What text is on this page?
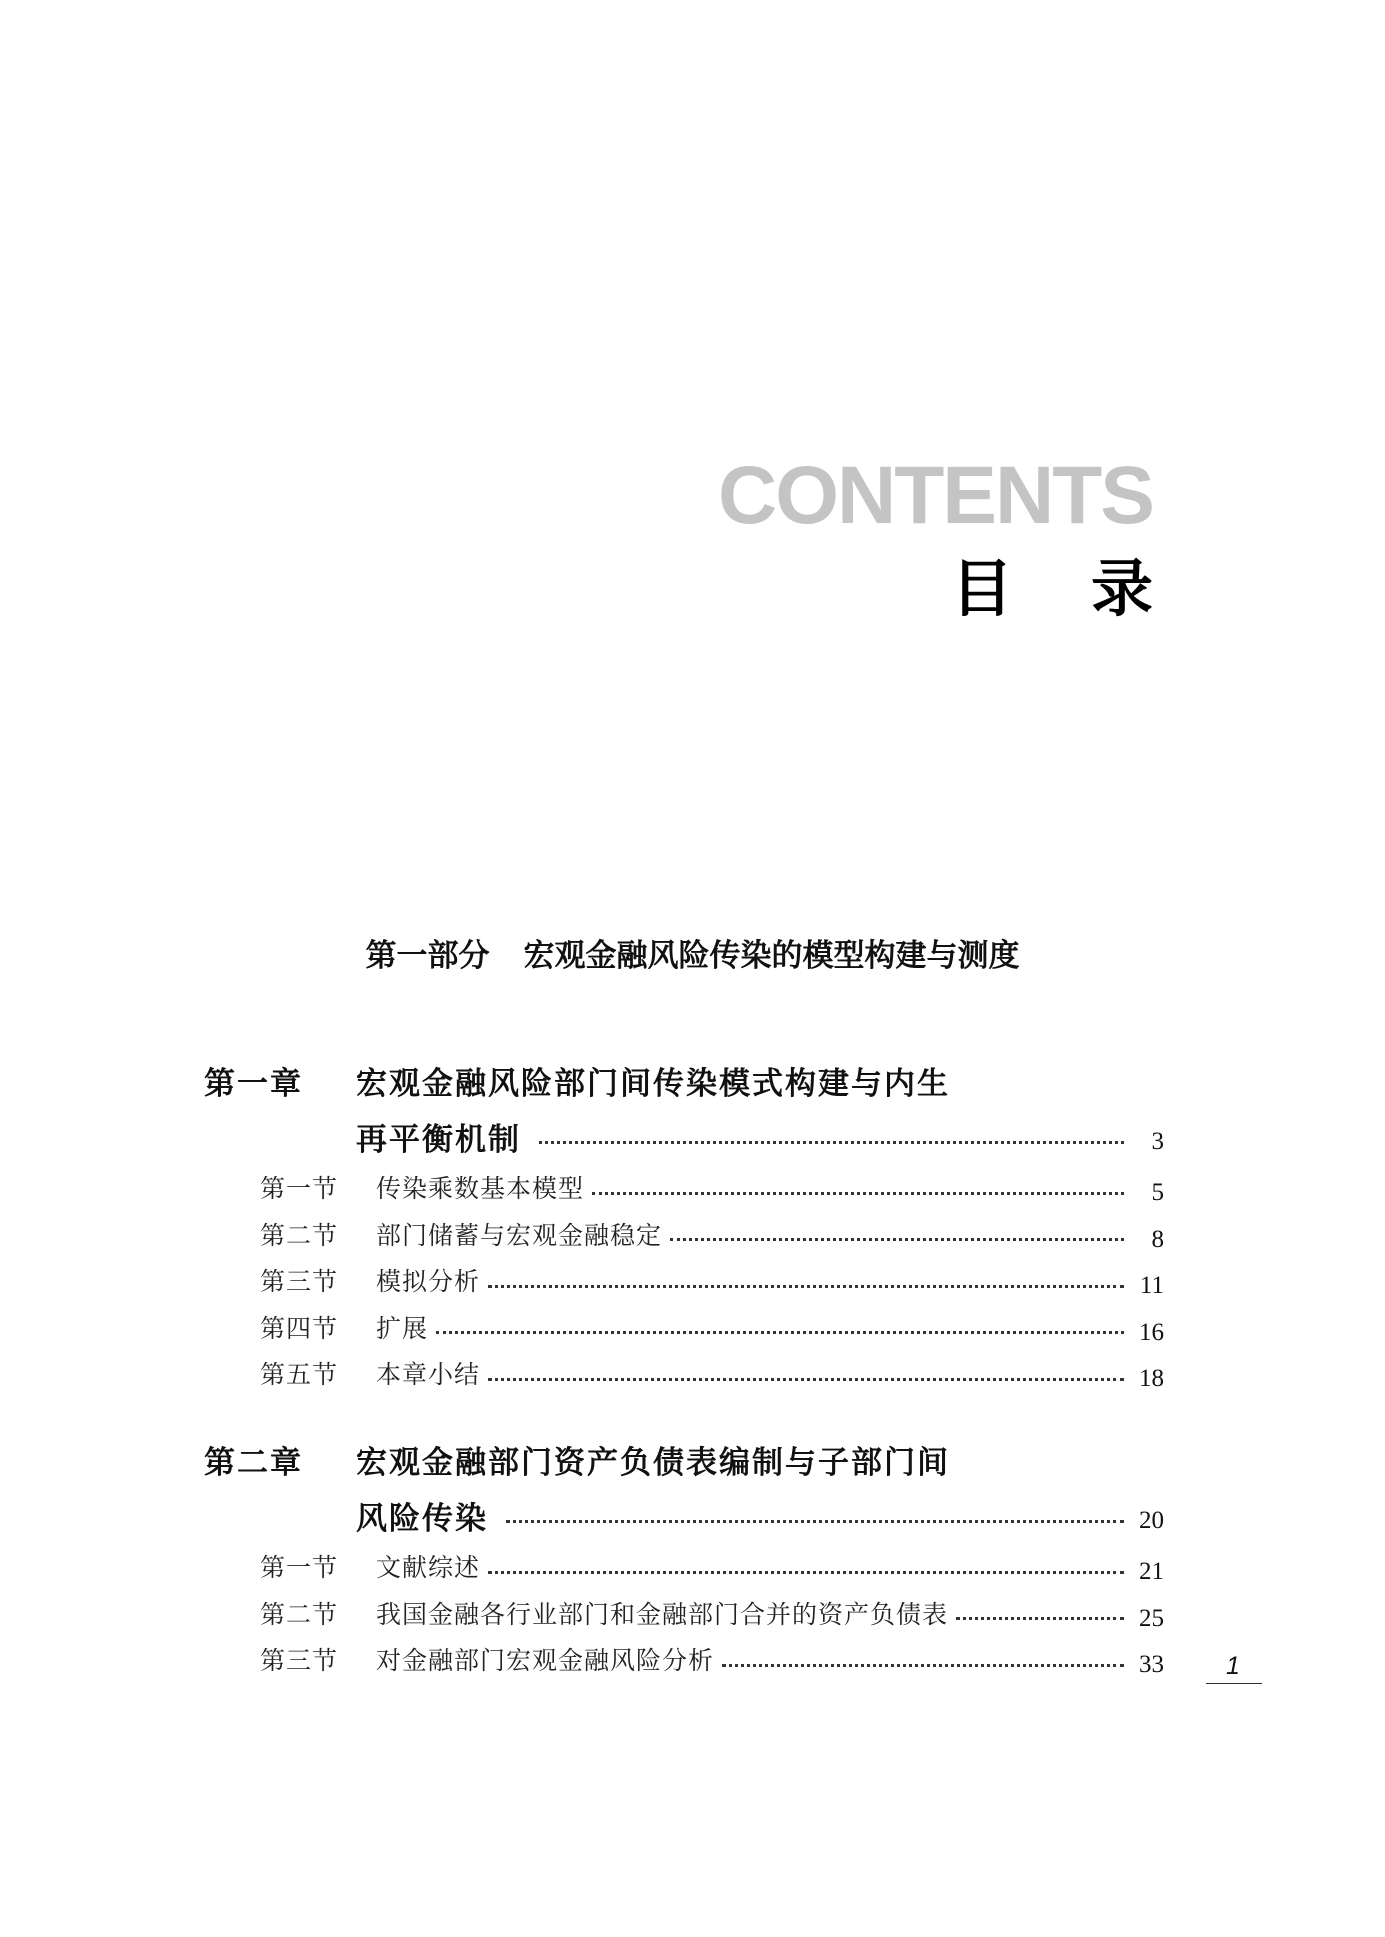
CONTENTS
目 录
第一部分 宏观金融风险传染的模型构建与测度
第一章	宏观金融风险部门间传染模式构建与内生
再平衡机制	3
第一节	传染乘数基本模型	5
第二节	部门储蓄与宏观金融稳定	8
第三节	模拟分析	11
第四节	扩展	16
第五节	本章小结	18
第二章	宏观金融部门资产负债表编制与子部门间
风险传染	20
第一节	文献综述	21
第二节	我国金融各行业部门和金融部门合并的资产负债表	25
第三节	对金融部门宏观金融风险分析	33	1
